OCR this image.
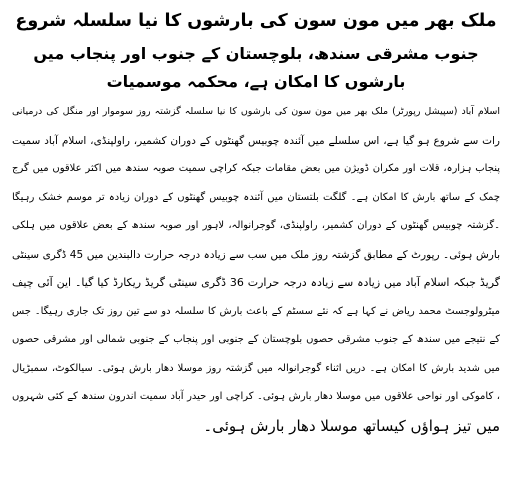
ملک بھر میں مون سون کی بارشوں کا نیا سلسلہ شروع
جنوب مشرقی سندھ، بلوچستان کے جنوب اور پنجاب میں بارشوں کا امکان ہے، محکمہ موسمیات
اسلام آباد (سپیشل رپورٹر) ملک بھر میں مون سون کی بارشوں کا نیا سلسلہ گزشتہ روز سوموار اور منگل کی درمیانی
رات سے شروع ہو گیا ہے، اس سلسلے میں آئندہ چوبیس گھنٹوں کے دوران کشمیر، راولپنڈی، اسلام آباد سمیت
پنجاب ہزارہ، قلات اور مکران ڈویژن میں بعض مقامات جبکہ کراچی سمیت صوبہ سندھ میں اکثر علاقوں میں گرج
چمک کے ساتھ بارش کا امکان ہے۔ گلگت بلتستان میں آئندہ چوبیس گھنٹوں کے دوران زیادہ تر موسم خشک رہیگا
۔گزشتہ چوبیس گھنٹوں کے دوران کشمیر، راولپنڈی، گوجرانوالہ، لاہور اور صوبہ سندھ کے بعض علاقوں میں ہلکی
بارش ہوئی۔ رپورٹ کے مطابق گزشتہ روز ملک میں سب سے زیادہ درجہ حرارت دالبندین میں 45 ڈگری سینٹی
گریڈ جبکہ اسلام آباد میں زیادہ سے زیادہ درجہ حرارت 36 ڈگری سینٹی گریڈ ریکارڈ کیا گیا۔ این آئی چیف
میٹرولوجسٹ محمد ریاض نے کہا ہے کہ نئے سسٹم کے باعث بارش کا سلسلہ دو سے تین روز تک جاری رہیگا۔ جس
کے نتیجے میں سندھ کے جنوب مشرقی حصوں بلوچستان کے جنوبی اور پنجاب کے جنوبی شمالی اور مشرقی حصوں
میں شدید بارش کا امکان ہے۔ دریں اثناء گوجرانوالہ میں گزشتہ روز موسلا دھار بارش ہوئی۔ سیالکوٹ، سمبڑیال
، کاموکی اور نواحی علاقوں میں موسلا دھار بارش ہوئی۔ کراچی اور حیدر آباد سمیت اندرون سندھ کے کئی شہروں
میں تیز ہواؤں کیساتھ موسلا دھار بارش ہوئی۔
